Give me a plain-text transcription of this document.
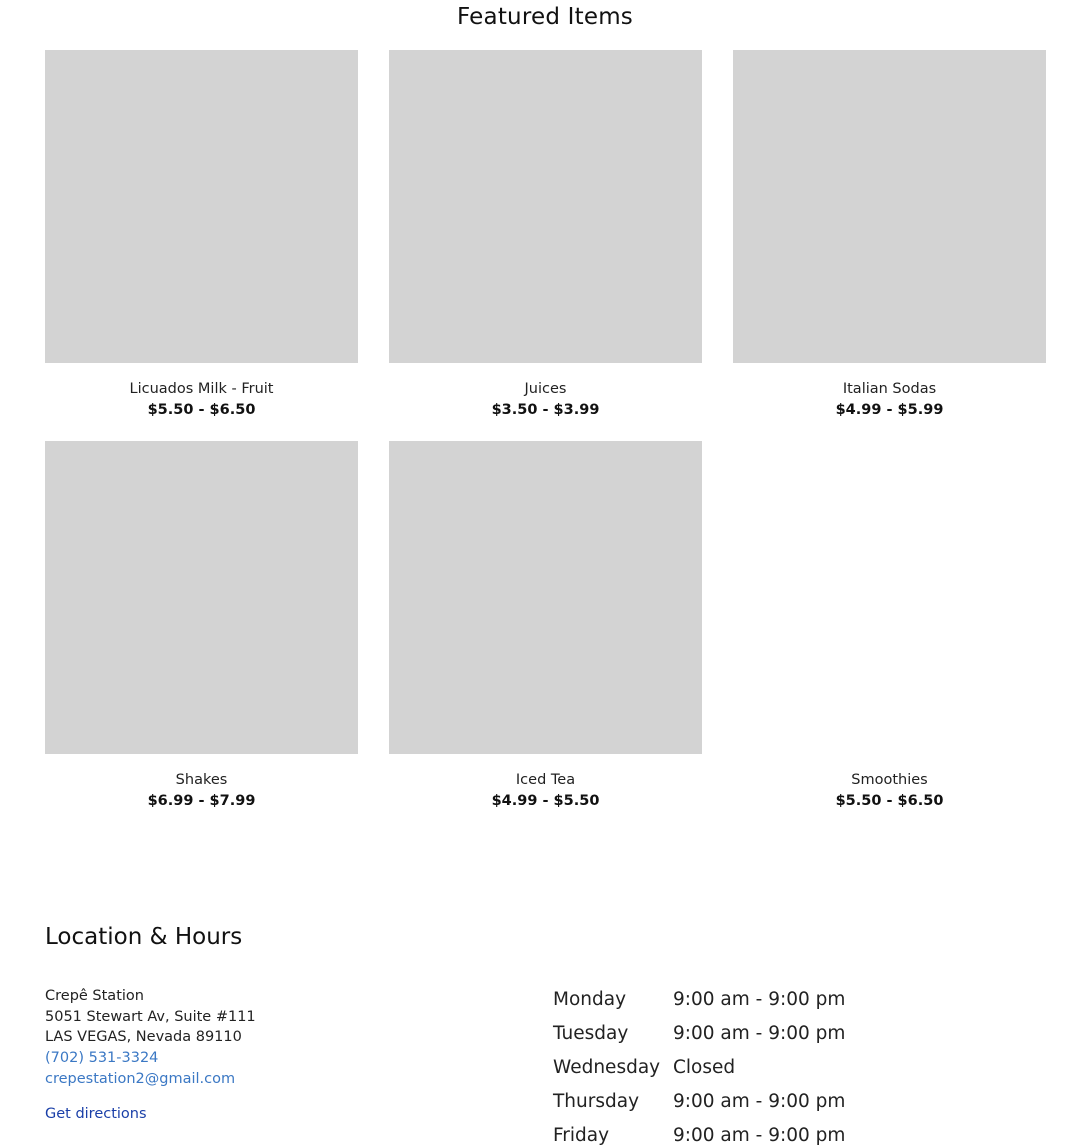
Featured Items
Licuados Milk - Fruit
$5.50 - $6.50
Juices
$3.50 - $3.99
Italian Sodas
$4.99 - $5.99
Shakes
$6.99 - $7.99
Iced Tea
$4.99 - $5.50
Smoothies
$5.50 - $6.50
Location & Hours
Crepê Station
5051 Stewart Av, Suite #111
LAS VEGAS, Nevada 89110
(702) 531-3324
crepestation2@gmail.com
Get directions
Monday	9:00 am - 9:00 pm
Tuesday	9:00 am - 9:00 pm
Wednesday	Closed
Thursday	9:00 am - 9:00 pm
Friday	9:00 am - 9:00 pm
